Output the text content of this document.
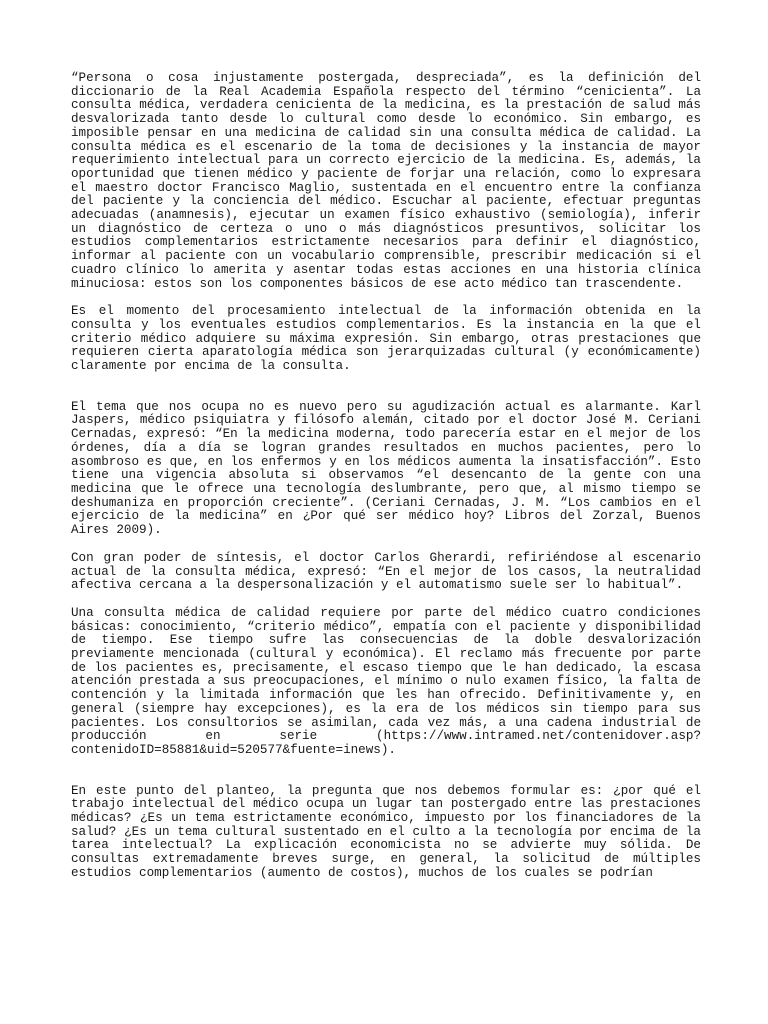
“Persona o cosa injustamente postergada, despreciada”, es la definición del diccionario de la Real Academia Española respecto del término “cenicienta”. La consulta médica, verdadera cenicienta de la medicina, es la prestación de salud más desvalorizada tanto desde lo cultural como desde lo económico. Sin embargo, es imposible pensar en una medicina de calidad sin una consulta médica de calidad. La consulta médica es el escenario de la toma de decisiones y la instancia de mayor requerimiento intelectual para un correcto ejercicio de la medicina. Es, además, la oportunidad que tienen médico y paciente de forjar una relación, como lo expresara el maestro doctor Francisco Maglio, sustentada en el encuentro entre la confianza del paciente y la conciencia del médico. Escuchar al paciente, efectuar preguntas adecuadas (anamnesis), ejecutar un examen físico exhaustivo (semiología), inferir un diagnóstico de certeza o uno o más diagnósticos presuntivos, solicitar los estudios complementarios estrictamente necesarios para definir el diagnóstico, informar al paciente con un vocabulario comprensible, prescribir medicación si el cuadro clínico lo amerita y asentar todas estas acciones en una historia clínica minuciosa: estos son los componentes básicos de ese acto médico tan trascendente.

Es el momento del procesamiento intelectual de la información obtenida en la consulta y los eventuales estudios complementarios. Es la instancia en la que el criterio médico adquiere su máxima expresión. Sin embargo, otras prestaciones que requieren cierta aparatología médica son jerarquizadas cultural (y económicamente) claramente por encima de la consulta.

El tema que nos ocupa no es nuevo pero su agudización actual es alarmante. Karl Jaspers, médico psiquiatra y filósofo alemán, citado por el doctor José M. Ceriani Cernadas, expresó: “En la medicina moderna, todo parecería estar en el mejor de los órdenes, día a día se logran grandes resultados en muchos pacientes, pero lo asombroso es que, en los enfermos y en los médicos aumenta la insatisfacción”. Esto tiene una vigencia absoluta si observamos “el desencanto de la gente con una medicina que le ofrece una tecnología deslumbrante, pero que, al mismo tiempo se deshumaniza en proporción creciente”. (Ceriani Cernadas, J. M. “Los cambios en el ejercicio de la medicina” en ¿Por qué ser médico hoy? Libros del Zorzal, Buenos Aires 2009).

Con gran poder de síntesis, el doctor Carlos Gherardi, refiriéndose al escenario actual de la consulta médica, expresó: “En el mejor de los casos, la neutralidad afectiva cercana a la despersonalización y el automatismo suele ser lo habitual”.

Una consulta médica de calidad requiere por parte del médico cuatro condiciones básicas: conocimiento, “criterio médico”, empatía con el paciente y disponibilidad de tiempo. Ese tiempo sufre las consecuencias de la doble desvalorización previamente mencionada (cultural y económica). El reclamo más frecuente por parte de los pacientes es, precisamente, el escaso tiempo que le han dedicado, la escasa atención prestada a sus preocupaciones, el mínimo o nulo examen físico, la falta de contención y la limitada información que les han ofrecido. Definitivamente y, en general (siempre hay excepciones), es la era de los médicos sin tiempo para sus pacientes. Los consultorios se asimilan, cada vez más, a una cadena industrial de producción en serie (https://www.intramed.net/contenidover.asp?contenidoID=85881&uid=520577&fuente=inews).

En este punto del planteo, la pregunta que nos debemos formular es: ¿por qué el trabajo intelectual del médico ocupa un lugar tan postergado entre las prestaciones médicas? ¿Es un tema estrictamente económico, impuesto por los financiadores de la salud? ¿Es un tema cultural sustentado en el culto a la tecnología por encima de la tarea intelectual? La explicación economicista no se advierte muy sólida. De consultas extremadamente breves surge, en general, la solicitud de múltiples estudios complementarios (aumento de costos), muchos de los cuales se podrían
